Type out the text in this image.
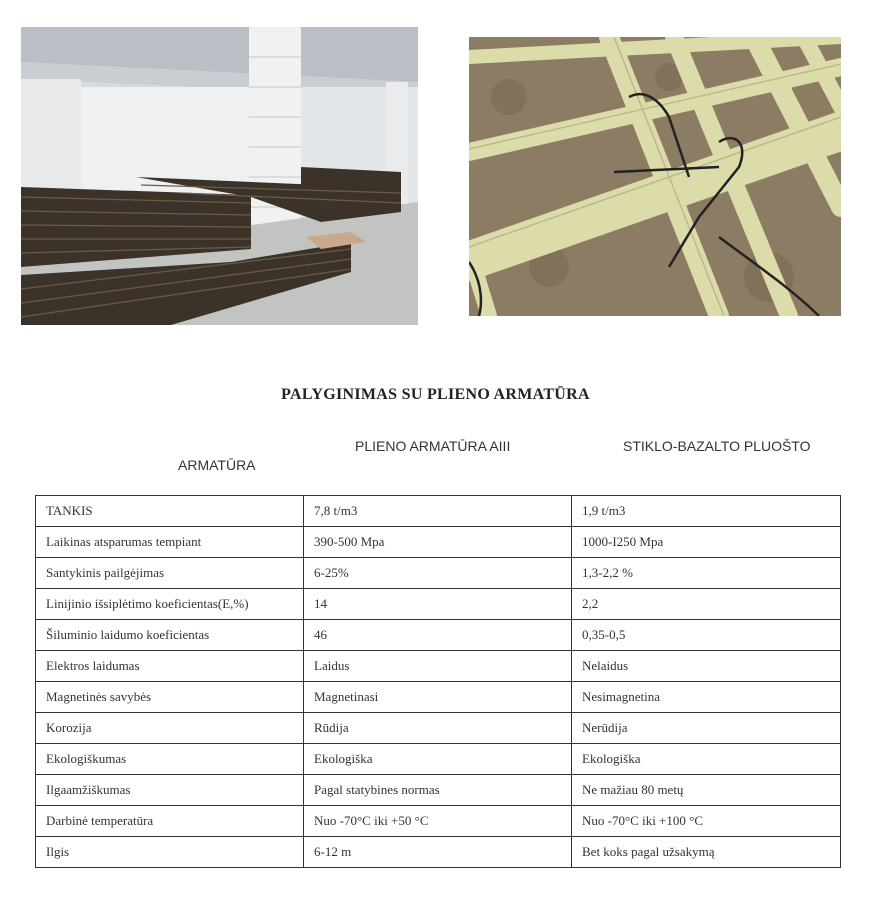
PALYGINIMAS SU PLIENO ARMATŪRA
ARMATŪRA
PLIENO ARMATŪRA AIII	STIKLO-BAZALTO PLUOŠTO
TANKIS	7,8 t/m3	1,9 t/m3
Laikinas atsparumas tempiant	390-500 Mpa	1000-I250 Mpa
Santykinis pailgėjimas	6-25%	1,3-2,2 %
Linijinio išsiplėtimo koeficientas(E,%)	14	2,2
Šiluminio laidumo koeficientas	46	0,35-0,5
Elektros laidumas	Laidus	Nelaidus
Magnetinės savybės	Magnetinasi	Nesimagnetina
Korozija	Rūdija	Nerūdija
Ekologiškumas	Ekologiška	Ekologiška
Ilgaamžiškumas	Pagal statybines normas	Ne mažiau 80 metų
Darbinė temperatūra	Nuo -70°C iki +50 °C	Nuo -70°C iki +100 °C
Ilgis	6-12 m	Bet koks pagal užsakymą
